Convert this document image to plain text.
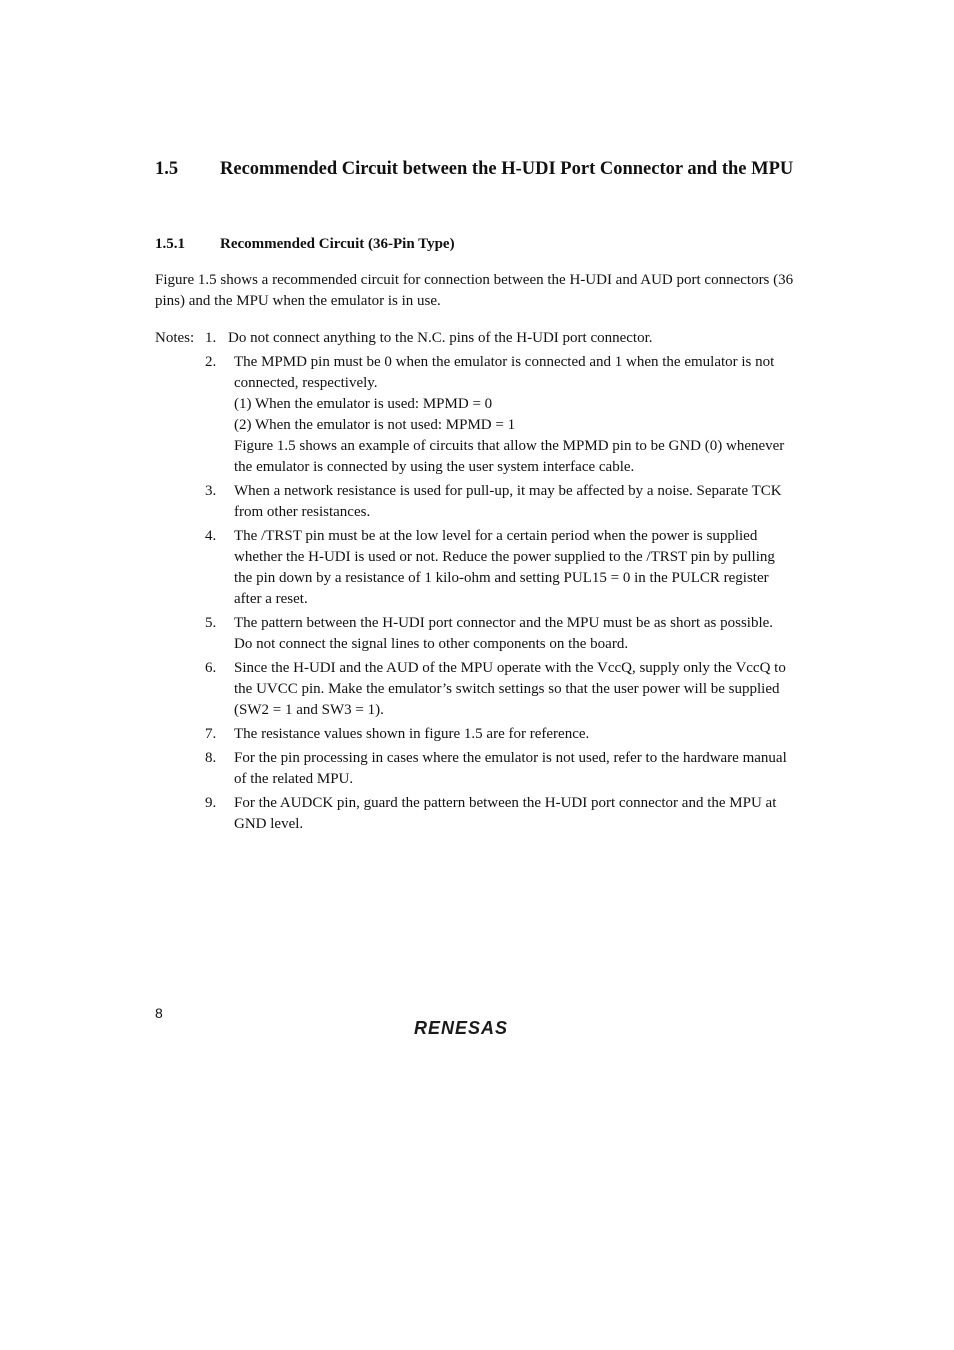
1.5 Recommended Circuit between the H-UDI Port Connector and the MPU
1.5.1 Recommended Circuit (36-Pin Type)

Figure 1.5 shows a recommended circuit for connection between the H-UDI and AUD port connectors (36 pins) and the MPU when the emulator is in use.

Notes: 1. Do not connect anything to the N.C. pins of the H-UDI port connector.

2. The MPMD pin must be 0 when the emulator is connected and 1 when the emulator is not connected, respectively.

(1) When the emulator is used: MPMD = 0

(2) When the emulator is not used: MPMD = 1

Figure 1.5 shows an example of circuits that allow the MPMD pin to be GND (0) whenever the emulator is connected by using the user system interface cable.

3. When a network resistance is used for pull-up, it may be affected by a noise. Separate TCK from other resistances.

4. The /TRST pin must be at the low level for a certain period when the power is supplied whether the H-UDI is used or not. Reduce the power supplied to the /TRST pin by pulling the pin down by a resistance of 1 kilo-ohm and setting PUL15 = 0 in the PULCR register after a reset.

5. The pattern between the H-UDI port connector and the MPU must be as short as possible. Do not connect the signal lines to other components on the board.

6. Since the H-UDI and the AUD of the MPU operate with the VccQ, supply only the VccQ to the UVCC pin. Make the emulator’s switch settings so that the user power will be supplied (SW2 = 1 and SW3 = 1).

7. The resistance values shown in figure 1.5 are for reference.

8. For the pin processing in cases where the emulator is not used, refer to the hardware manual of the related MPU.

9. For the AUDCK pin, guard the pattern between the H-UDI port connector and the MPU at GND level.

8
RENESAS
